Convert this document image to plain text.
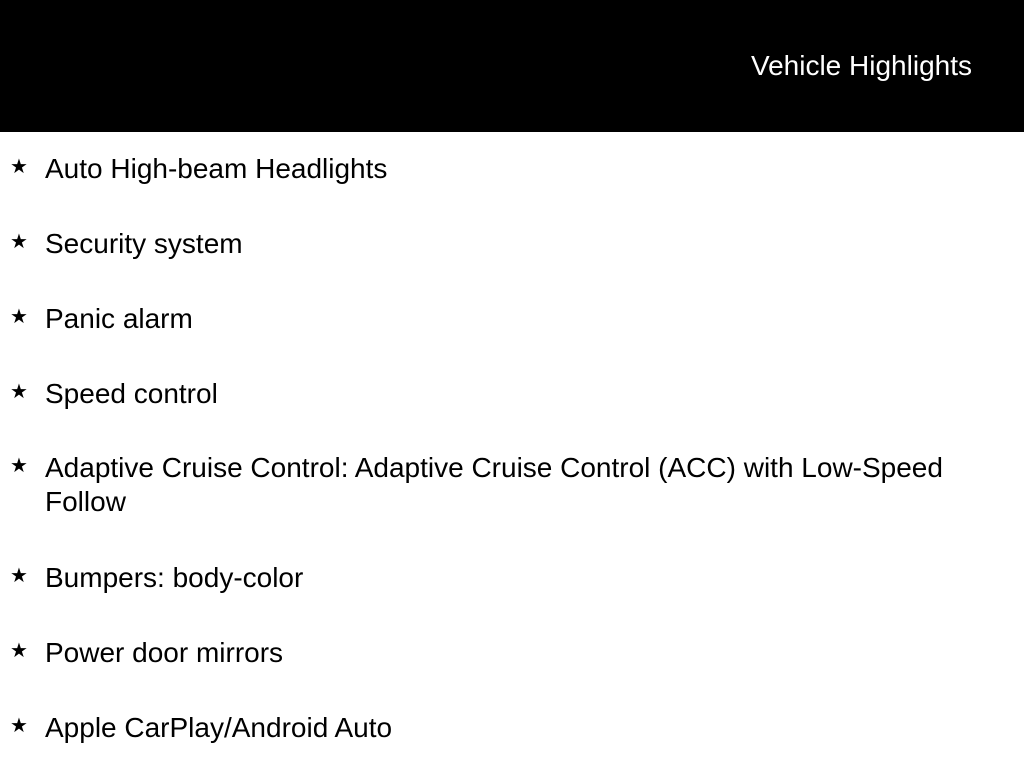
Vehicle Highlights
★ Auto High-beam Headlights
★ Security system
★ Panic alarm
★ Speed control
★ Adaptive Cruise Control: Adaptive Cruise Control (ACC) with Low-Speed Follow
★ Bumpers: body-color
★ Power door mirrors
★ Apple CarPlay/Android Auto
